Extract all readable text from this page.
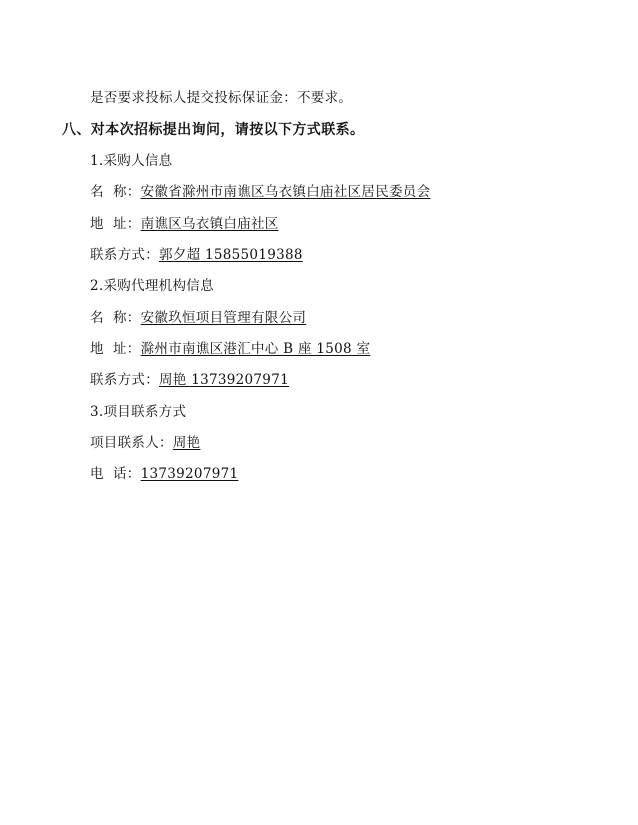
是否要求投标人提交投标保证金：不要求。
八、对本次招标提出询问，请按以下方式联系。
1.采购人信息
名  称：安徽省滁州市南谯区乌衣镇白庙社区居民委员会
地  址：南谯区乌衣镇白庙社区
联系方式：郭夕超 15855019388
2.采购代理机构信息
名  称：安徽玖恒项目管理有限公司
地  址：滁州市南谯区港汇中心 B 座 1508 室
联系方式：周艳 13739207971
3.项目联系方式
项目联系人：周艳
电  话：13739207971
